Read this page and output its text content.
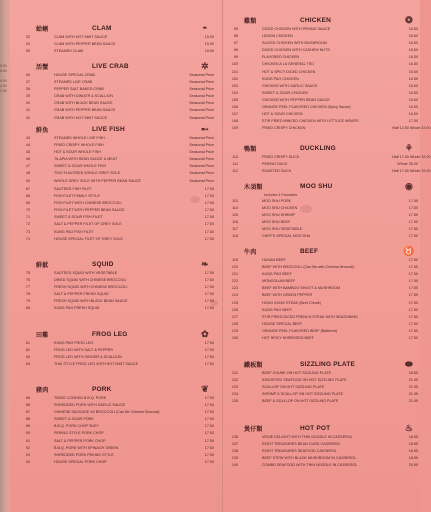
8.50
5.50
6.50
4.50
2.50
蛤蜊	CLAM	◓
33	CLAM WITH HOT MINT SAUCE	15.90
34	CLAM WITH PEPPER BEAN SAUCE	15.90
35	STEAMED CLAM	15.90
活蟹	LIVE CRAB	✲
36	HOUSE SPECIAL CRAB	Seasonal Price
37	STEAMED LIVE CRAB	Seasonal Price
38	PEPPER SALT BAKED CRAB	Seasonal Price
39	CRAB WITH GINGER & SCALLION	Seasonal Price
40	CRAB WITH BLACK BEAN SAUCE	Seasonal Price
41	CRAB WITH PEPPER BEAN SAUCE	Seasonal Price
42	CRAB WITH HOT MINT SAUCE	Seasonal Price
鮮魚	LIVE FISH	➸
43	STEAMED WHOLE LIVE FISH	Seasonal Price
44	FRIED CRISPY WHOLE FISH	Seasonal Price
45	HOT & SOUR WHOLE FISH	Seasonal Price
46	TILAPIA WITH BEAN SAUCE & MEAT	Seasonal Price
47	SWEET & SOUR WHOLE FISH	Seasonal Price
48	TWO FLAVORED WHOLE GREY SOLE	Seasonal Price
49	WHOLE GREY SOLE WITH PEPPER BEAN SAUCE	Seasonal Price
67	SAUTEED FISH FILET	17.50
68	FISH FILET FAMILY STYLE	17.50
69	FISH FILET WITH CHINESE BROCCOLI	17.50
70	FISH FILET WITH PEPPER BEAN SAUCE	17.50
71	SWEET & SOUR FISH FILET	17.50
72	SALT & PEPPER FILET OF GREY SOLE	17.50
73	KUNG PAO FISH FILET	17.50
74	HOUSE SPECIAL FILET OF GREY SOLE	17.50
鮮魷	SQUID	❧
75	SAUTEED SQUID WITH VEGETABLE	17.50
76	DRIED SQUID WITH CHINESE BROCCOLI	17.50
77	FRESH SQUID WITH CHINESE BROCCOLI	17.50
78	SALT & PEPPER FRESH SQUID	17.50
79	FRESH SQUID WITH BLACK BEAN SAUCE	17.50
80	KUNG PAO FRESH SQUID	17.50
田雞	FROG LEG	✿
81	KUNG PAO FROG LEG	17.50
82	FROG LEG WITH SALT & PEPPER	17.50
83	FROG LEG WITH GINGER & SCALLION	17.50
84	THAI STYLE FROG LEG WITH HOT MINT SAUCE	17.50
豬肉	PORK	❦
85	TWICE COOKED B.B.Q. PORK	17.50
86	SHREDDED PORK WITH GARLIC SAUCE	17.50
87	CHINESE SAUSAGE W/ BROCCOLI (Can Be Chinese Broccoli)	17.50
88	SWEET & SOUR PORK	17.50
89	B.B.Q. PORK CHOP SUEY	17.50
90	PEKING STYLE PORK CHOP	17.50
91	SALT & PEPPER PORK CHOP	17.50
92	B.B.Q. PORK WITH SPINACH GREEN	17.50
93	SHREDDED PORK PEKING STYLE	17.50
94	HOUSE SPECIAL PORK CHOP	17.50
雞類	CHICKEN	❂
95	DICED CHICKEN WITH PEKING SAUCE	16.50
96	LEMON CHICKEN	16.50
97	SLICED CHICKEN WITH MUSHROOM	16.50
98	DICED CHICKEN WITH CASHEW NUTS	16.50
99	FLAVORED CHICKEN	16.50
100	CHICKEN A LA GENERAL TSO	16.50
101	HOT & SPICY DICED CHICKEN	16.50
102	KUNG PAO CHICKEN	16.50
103	CHICKEN WITH GARLIC SAUCE	16.50
104	SWEET & SOUR CHICKEN	16.50
105	CHICKEN WITH PEPPER BEAN SAUCE	16.50
106	ORANGE PEEL FLAVORED CHICKEN (Spicy Sauce)	16.50
107	HOT & SOUR CHICKEN	16.50
108	STIR FRIED MINCED CHICKEN WITH LETTUCE WRAPS	17.50
109	FRIED CRISPY CHICKEN	Half 12.50 Whole 22.00
鴨類	DUCKLING	⚘
110	FRIED CRISPY DUCK	Half 17.00 Whole 32.00
111	PEKING DUCK	Whole 35.00
112	ROASTED DUCK	Half 17.00 Whole 32.00
木須類	MOO SHU	◉
Includes 4 Pancakes
113	MOO SHU PORK	17.50
114	MOO SHU CHICKEN	17.50
115	MOO SHU SHRIMP	17.50
116	MOO SHU BEEF	17.50
117	MOO SHU VEGETABLE	17.50
118	CHEF'S SPECIAL MOO SHU	17.50
牛肉	BEEF	♉
119	HUNAN BEEF	17.50
120	BEEF WITH BROCCOLI (Can Be with Chinese Broccoli)	17.50
121	KUNG PAO BEEF	17.50
122	MONGOLIAN BEEF	17.50
123	BEEF WITH BAMBOO SHOOT & MUSHROOM	17.50
124	BEEF WITH GREEN PEPPER	17.50
125	HONG KONG STEAK (Beef Chunk)	17.50
126	KUNG PAO BEEF	17.50
127	STIR FRIED DICED FRENCH STEAK WITH SEASONING	17.50
128	HOUSE SPECIAL BEEF	17.50
129	ORANGE PEEL FLAVORED BEEF (Battered)	17.50
130	HOT SPICY SHREDDED BEEF	17.50
鐵板類	SIZZLING PLATE	⬬
131	BEEF CHUNK ON HOT SIZZLING PLATE	18.50
132	ASSORTED SEAFOOD ON HOT SIZZLING PLATE	21.95
133	SCALLOP ON HOT SIZZLING PLATE	21.95
134	SHRIMP & SCALLOP ON HOT SIZZLING PLATE	21.95
135	BEEF & SCALLOP ON HOT SIZZLING PLATE	21.95
煲仔類	HOT POT	♨
136	VEGIE DELIGHT WITH THIN NOODLE IN CASSEROL	18.95
137	EIGHT TREASURES BEAN CURD CASSEROL	18.95
138	EIGHT TREASURES SEAFOOD CASSEROL	18.95
139	BEEF STEW WITH BLACK MUSHROOM IN CASSEROL	18.95
140	COMBO SEAFOOD WITH THIN NOODLE IN CASSEROL	20.95
